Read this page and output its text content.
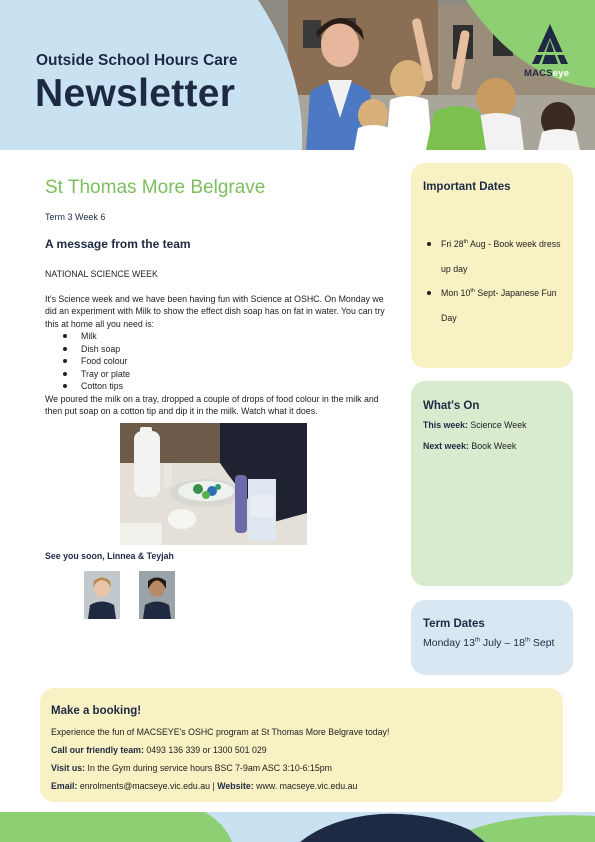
Outside School Hours Care
Newsletter	MACSeye
St Thomas More Belgrave
Term 3 Week 6
A message from the team
NATIONAL SCIENCE WEEK
It's Science week and we have been having fun with Science at OSHC. On Monday we did an experiment with Milk to show the effect dish soap has on fat in water. You can try this at home all you need is:
Milk
Dish soap
Food colour
Tray or plate
Cotton tips
We poured the milk on a tray, dropped a couple of drops of food colour in the milk and then put soap on a cotton tip and dip it in the milk. Watch what it does.
See you soon, Linnea & Teyjah
Important Dates
Fri 28th Aug - Book week dress up day
Mon 10th Sept- Japanese Fun Day
What's On
This week: Science Week
Next week: Book Week
Term Dates
Monday 13th July – 18th Sept
Make a booking!
Experience the fun of MACSEYE's OSHC program at St Thomas More Belgrave today!
Call our friendly team: 0493 136 339 or 1300 501 029
Visit us: In the Gym during service hours BSC 7-9am ASC 3:10-6:15pm
Email: enrolments@macseye.vic.edu.au | Website: www. macseye.vic.edu.au
